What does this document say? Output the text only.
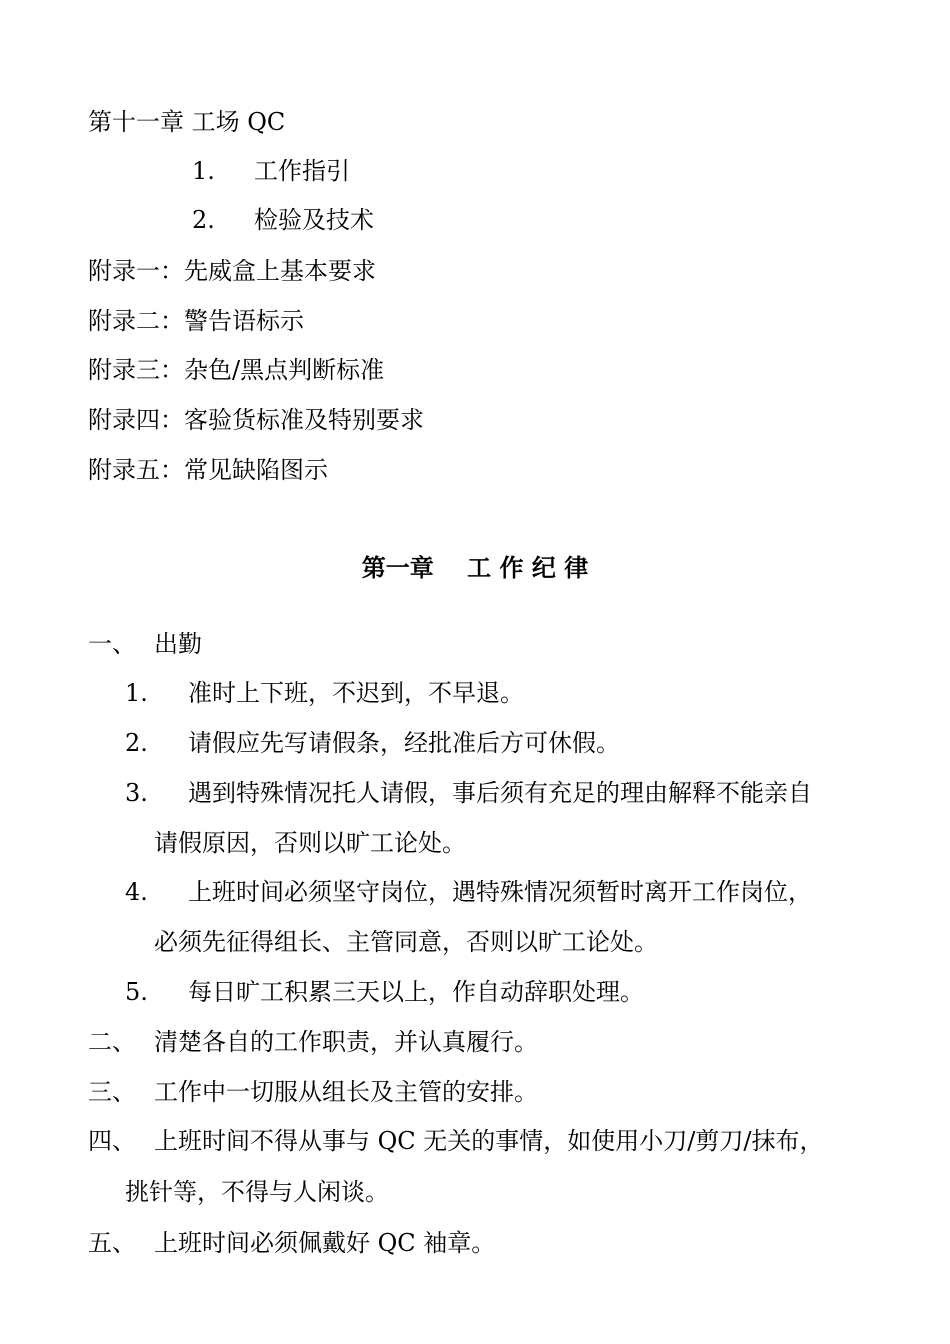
第十一章 工场 QC
1. 工作指引
2. 检验及技术
附录一：先威盒上基本要求
附录二：警告语标示
附录三：杂色/黑点判断标准
附录四：客验货标准及特别要求
附录五：常见缺陷图示
第一章    工 作 纪 律
一、 出勤
1. 准时上下班，不迟到，不早退。
2. 请假应先写请假条，经批准后方可休假。
3. 遇到特殊情况托人请假，事后须有充足的理由解释不能亲自
请假原因，否则以旷工论处。
4. 上班时间必须坚守岗位，遇特殊情况须暂时离开工作岗位，
必须先征得组长、主管同意，否则以旷工论处。
5. 每日旷工积累三天以上，作自动辞职处理。
二、 清楚各自的工作职责，并认真履行。
三、 工作中一切服从组长及主管的安排。
四、 上班时间不得从事与 QC 无关的事情，如使用小刀/剪刀/抹布，
挑针等，不得与人闲谈。
五、 上班时间必须佩戴好 QC 袖章。
